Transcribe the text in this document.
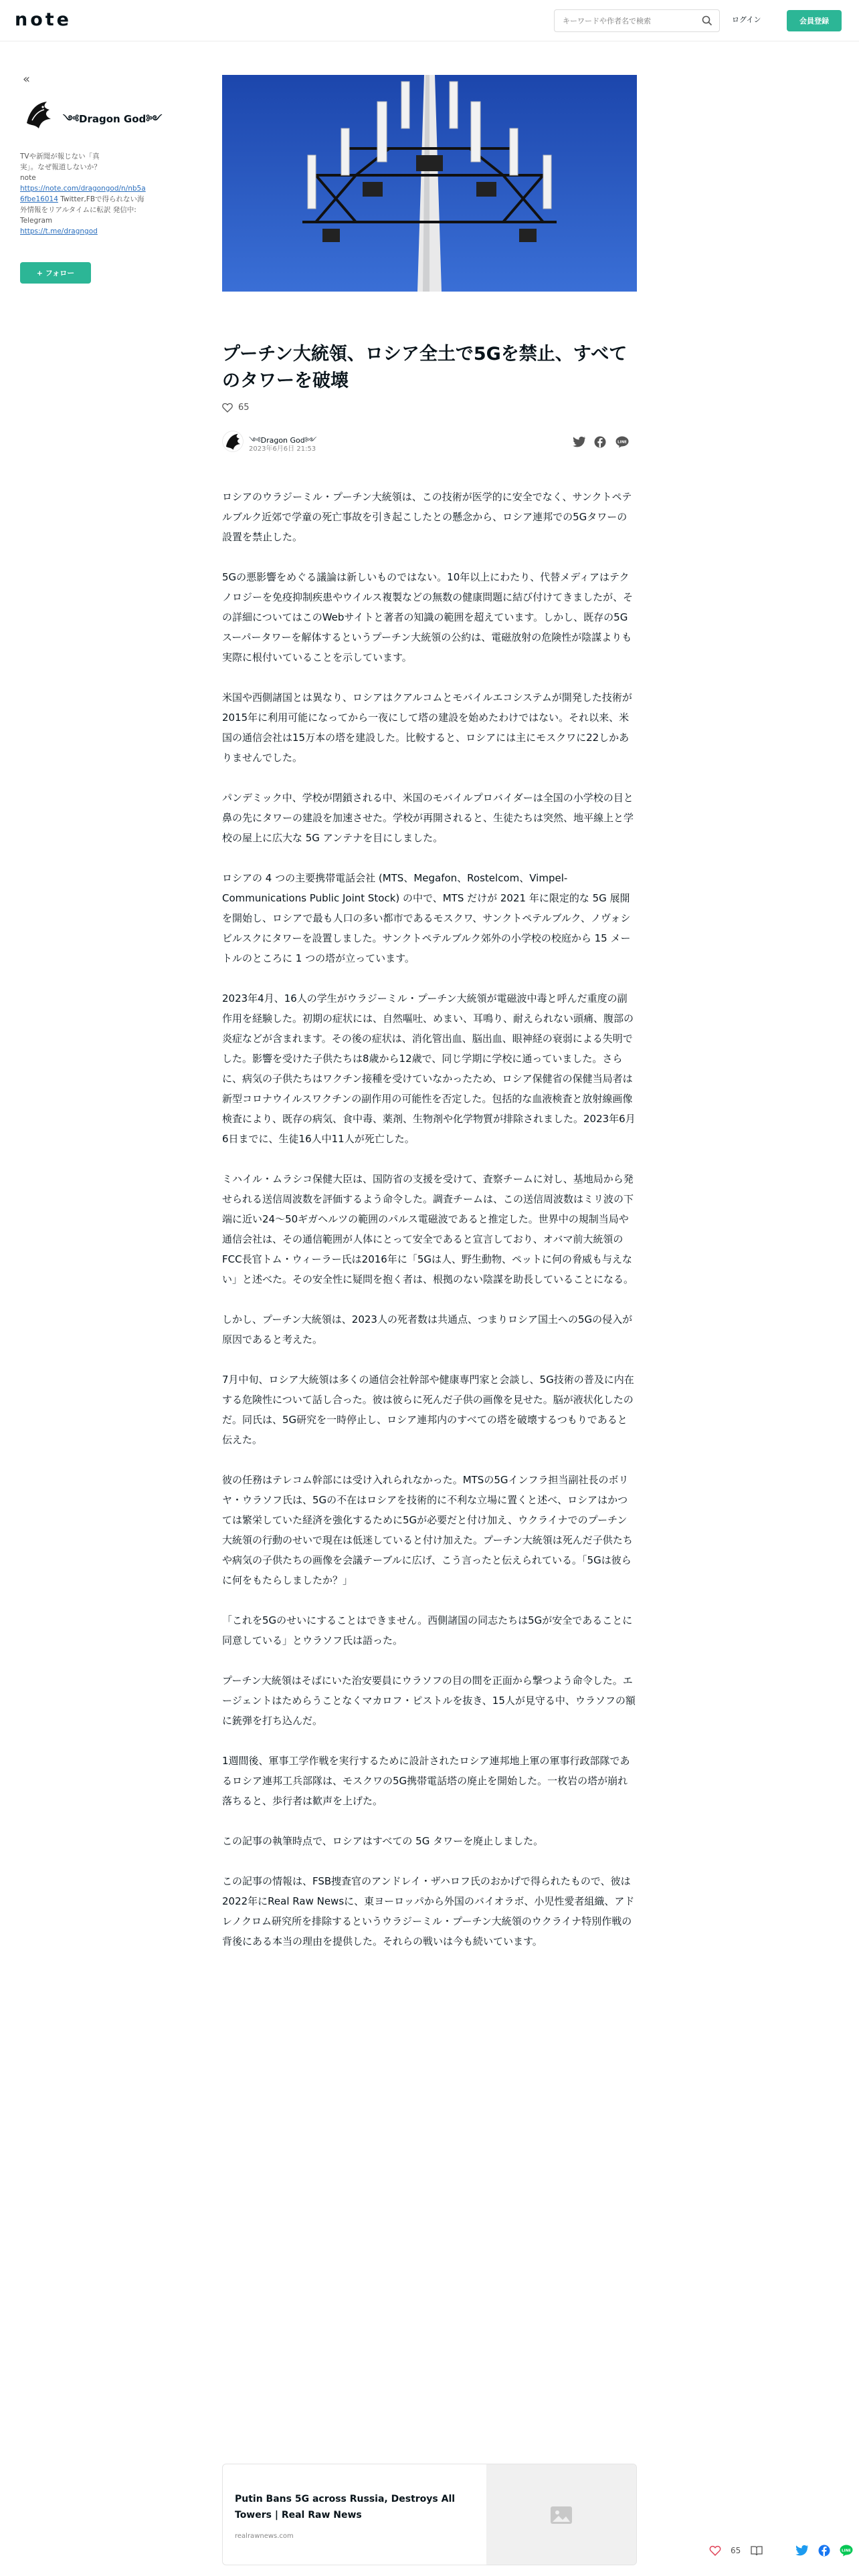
note
キーワードや作者名で検索	ログイン	会員登録
«
༺Dragon God༻
TVや新聞が報じない「真
実」。なぜ報道しないか？
note
https://note.com/dragongod/n/nb5a6fbe16014 Twitter,FBで得られない海外情報をリアルタイムに転訳 発信中: Telegram
https://t.me/dragngod
+ フォロー
プーチン大統領、ロシア全土で5Gを禁止、すべてのタワーを破壊
65
༺Dragon God༻
2023年6月6日 21:53
LINE

ロシアのウラジーミル・プーチン大統領は、この技術が医学的に安全でなく、サンクトペテルブルク近郊で学童の死亡事故を引き起こしたとの懸念から、ロシア連邦での5Gタワーの設置を禁止した。

5Gの悪影響をめぐる議論は新しいものではない。10年以上にわたり、代替メディアはテクノロジーを免疫抑制疾患やウイルス複製などの無数の健康問題に結び付けてきましたが、その詳細についてはこのWebサイトと著者の知識の範囲を超えています。しかし、既存の5Gスーパータワーを解体するというプーチン大統領の公約は、電磁放射の危険性が陰謀よりも実際に根付いていることを示しています。

米国や西側諸国とは異なり、ロシアはクアルコムとモバイルエコシステムが開発した技術が2015年に利用可能になってから一夜にして塔の建設を始めたわけではない。それ以来、米国の通信会社は15万本の塔を建設した。比較すると、ロシアには主にモスクワに22しかありませんでした。

パンデミック中、学校が閉鎖される中、米国のモバイルプロバイダーは全国の小学校の目と鼻の先にタワーの建設を加速させた。学校が再開されると、生徒たちは突然、地平線上と学校の屋上に広大な 5G アンテナを目にしました。

ロシアの 4 つの主要携帯電話会社 (MTS、Megafon、Rostelcom、Vimpel-Communications Public Joint Stock) の中で、MTS だけが 2021 年に限定的な 5G 展開を開始し、ロシアで最も人口の多い都市であるモスクワ、サンクトペテルブルク、ノヴォシビルスクにタワーを設置しました。サンクトペテルブルク郊外の小学校の校庭から 15 メートルのところに 1 つの塔が立っています。

2023年4月、16人の学生がウラジーミル・プーチン大統領が電磁波中毒と呼んだ重度の副作用を経験した。初期の症状には、自然嘔吐、めまい、耳鳴り、耐えられない頭痛、腹部の炎症などが含まれます。その後の症状は、消化管出血、脳出血、眼神経の衰弱による失明でした。影響を受けた子供たちは8歳から12歳で、同じ学期に学校に通っていました。さらに、病気の子供たちはワクチン接種を受けていなかったため、ロシア保健省の保健当局者は新型コロナウイルスワクチンの副作用の可能性を否定した。包括的な血液検査と放射線画像検査により、既存の病気、食中毒、薬剤、生物剤や化学物質が排除されました。2023年6月6日までに、生徒16人中11人が死亡した。

ミハイル・ムラシコ保健大臣は、国防省の支援を受けて、査察チームに対し、基地局から発せられる送信周波数を評価するよう命令した。調査チームは、この送信周波数はミリ波の下端に近い24〜50ギガヘルツの範囲のパルス電磁波であると推定した。世界中の規制当局や通信会社は、その通信範囲が人体にとって安全であると宣言しており、オバマ前大統領のFCC長官トム・ウィーラー氏は2016年に「5Gは人、野生動物、ペットに何の脅威も与えない」と述べた。その安全性に疑問を抱く者は、根拠のない陰謀を助長していることになる。

しかし、プーチン大統領は、2023人の死者数は共通点、つまりロシア国土への5Gの侵入が原因であると考えた。

7月中旬、ロシア大統領は多くの通信会社幹部や健康専門家と会談し、5G技術の普及に内在する危険性について話し合った。彼は彼らに死んだ子供の画像を見せた。脳が液状化したのだ。同氏は、5G研究を一時停止し、ロシア連邦内のすべての塔を破壊するつもりであると伝えた。

彼の任務はテレコム幹部には受け入れられなかった。MTSの5Gインフラ担当副社長のボリヤ・ウラソフ氏は、5Gの不在はロシアを技術的に不利な立場に置くと述べ、ロシアはかつては繁栄していた経済を強化するために5Gが必要だと付け加え、ウクライナでのプーチン大統領の行動のせいで現在は低迷していると付け加えた。プーチン大統領は死んだ子供たちや病気の子供たちの画像を会議テーブルに広げ、こう言ったと伝えられている。「5Gは彼らに何をもたらしましたか？」

「これを5Gのせいにすることはできません。西側諸国の同志たちは5Gが安全であることに同意している」とウラソフ氏は語った。

プーチン大統領はそばにいた治安要員にウラソフの目の間を正面から撃つよう命令した。エージェントはためらうことなくマカロフ・ピストルを抜き、15人が見守る中、ウラソフの額に銃弾を打ち込んだ。

1週間後、軍事工学作戦を実行するために設計されたロシア連邦地上軍の軍事行政部隊であるロシア連邦工兵部隊は、モスクワの5G携帯電話塔の廃止を開始した。一枚岩の塔が崩れ落ちると、歩行者は歓声を上げた。

この記事の執筆時点で、ロシアはすべての 5G タワーを廃止しました。

この記事の情報は、FSB捜査官のアンドレイ・ザハロフ氏のおかげで得られたもので、彼は2022年にReal Raw Newsに、東ヨーロッパから外国のバイオラボ、小児性愛者組織、アドレノクロム研究所を排除するというウラジーミル・プーチン大統領のウクライナ特別作戦の背後にある本当の理由を提供した。それらの戦いは今も続いています。

Putin Bans 5G across Russia, Destroys All Towers | Real Raw News
realrawnews.com
65	LINE
